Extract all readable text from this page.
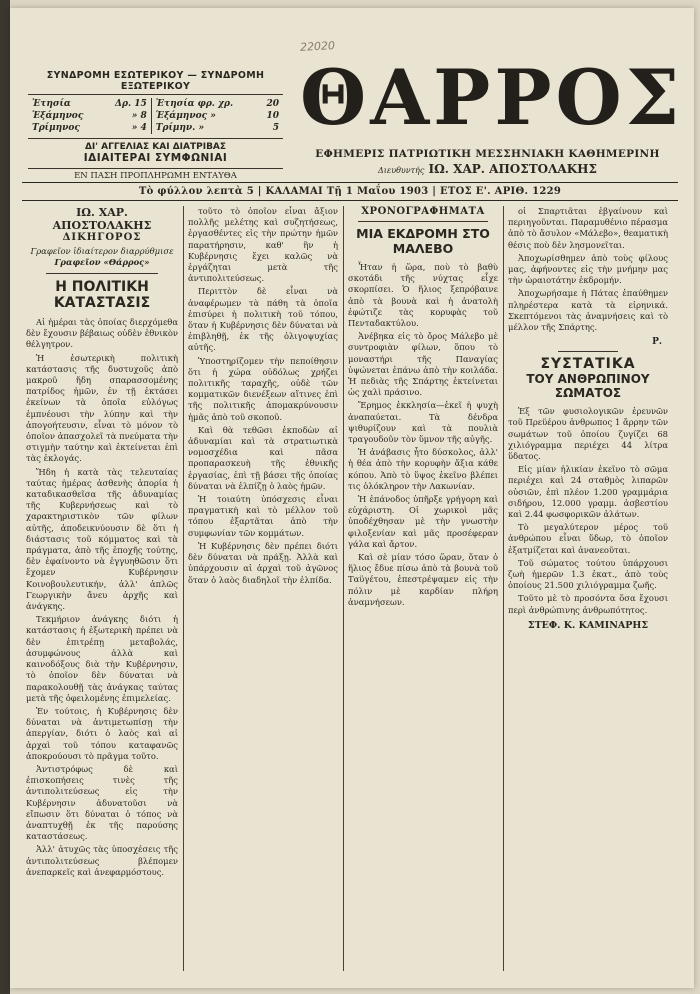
22020
ΣΥΝΔΡΟΜΗ ΕΣΩΤΕΡΙΚΟΥ — ΣΥΝΔΡΟΜΗ ΕΞΩΤΕΡΙΚΟΥ
Ἐτησία	Δρ. 15	Ἐτησία φρ. χρ.	20
Ἑξάμηνος	» 8	Ἑξάμηνος »	10
Τρίμηνος	» 4	Τρίμην. »	5
ΔΙ' ΑΓΓΕΛΙΑΣ ΚΑΙ ΔΙΑΤΡΙΒΑΣ
ΙΔΙΑΙΤΕΡΑΙ ΣΥΜΦΩΝΙΑΙ
ΕΝ ΠΑΣΗ ΠΡΟΠΛΗΡΩΜΗ ΕΝΤΑΥΘΑ
ΘΑΡΡΟΣ
ΕΦΗΜΕΡΙΣ ΠΑΤΡΙΩΤΙΚΗ ΜΕΣΣΗΝΙΑΚΗ ΚΑΘΗΜΕΡΙΝΗ
Διευθυντής ΙΩ. ΧΑΡ. ΑΠΟΣΤΟΛΑΚΗΣ
Τὸ φύλλον λεπτὰ 5 | ΚΑΛΑΜΑΙ Τῇ 1 Μαΐου 1903 | ΕΤΟΣ Ε'. ΑΡΙΘ. 1229
ΙΩ. ΧΑΡ. ΑΠΟΣΤΟΛΑΚΗΣ
ΔΙΚΗΓΟΡΟΣ
Γραφεῖον ἰδιαίτερον διαρρύθμισε
Γραφεῖον «Θάρρος»
Η ΠΟΛΙΤΙΚΗ ΚΑΤΑΣΤΑΣΙΣ

Αἱ ἡμέραι τὰς ὁποίας διερχόμεθα δὲν ἔχουσιν βέβαιως οὐδὲν ἐθνικὸν θέλγητρον.

Ἡ ἐσωτερικὴ πολιτικὴ κατάστασις τῆς δυστυχοῦς ἀπὸ μακροῦ ἤδη σπαρασσομένης πατρίδος ἡμῶν, ἐν τῇ ἐκτάσει ἐκείνων τὰ ὁποῖα εὐλόγως ἐμπνέουσι τὴν λύπην καὶ τὴν ἀπογοήτευσιν, εἶναι τὸ μόνον τὸ ὁποῖον ἀπασχολεῖ τὰ πνεύματα τὴν στιγμὴν ταύτην καὶ ἐκτείνεται ἐπὶ τὰς ἐκλογάς.

Ἤδη ἡ κατὰ τὰς τελευταίας ταύτας ἡμέρας ἀσθενὴς ἀπορία ἡ καταδικασθεῖσα τῆς ἀδυναμίας τῆς Κυβερνήσεως καὶ τὸ χαρακτηριστικὸν τῶν φίλων αὐτῆς, ἀποδεικνύουσιν δὲ ὅτι ἡ διάστασις τοῦ κόμματος καὶ τὰ πράγματα, ἀπὸ τῆς ἐποχῆς τούτης, δὲν ἐφαίνοντο νὰ ἐγγυηθῶσιν ὅτι ἔχομεν Κυβέρνησιν Κοινοβουλευτικήν, ἀλλ' ἁπλῶς Γεωργικὴν ἄνευ ἀρχῆς καὶ ἀνάγκης.

Τεκμήριον ἀνάγκης διότι ἡ κατάστασις ἡ ἐξωτερικὴ πρέπει νὰ δὲν ἐπιτρέπῃ μεταβολάς, ἀσυμφώνους ἀλλὰ καὶ καινοδόξους διὰ τὴν Κυβέρνησιν, τὸ ὁποῖον δὲν δύναται νὰ παρακολουθῇ τὰς ἀνάγκας ταύτας μετὰ τῆς ὁφειλομένης ἐπιμελείας.

Ἐν τούτοις, ἡ Κυβέρνησις δὲν δύναται νὰ ἀντιμετωπίσῃ τὴν ἀπεργίαν, διότι ὁ λαὸς καὶ αἱ ἀρχαὶ τοῦ τόπου καταφανῶς ἀποκρούουσι τὸ πρᾶγμα τοῦτο.

Ἀντιστρόφως δὲ καὶ ἐπισκοπήσεις τινὲς τῆς ἀντιπολιτεύσεως εἰς τὴν Κυβέρνησιν ἀδυνατοῦσι νὰ εἴπωσιν ὅτι δύναται ὁ τόπος νὰ ἀναπτυχθῇ ἐκ τῆς παρούσης καταστάσεως.

Ἀλλ' ἀτυχῶς τὰς ὑποσχέσεις τῆς ἀντιπολιτεύσεως βλέπομεν ἀνεπαρκεῖς καὶ ἀνεφαρμόστους.

τοῦτο τὸ ὁποῖον εἶναι ἄξιον πολλῆς μελέτης καὶ συζητήσεως, ἐργασθέντες εἰς τὴν πρώτην ἡμῶν παρατήρησιν, καθ' ἣν ἡ Κυβέρνησις ἔχει καλῶς νὰ ἐργάζηται μετὰ τῆς ἀντιπολιτεύσεως.

Περιττὸν δὲ εἶναι νὰ ἀναφέρωμεν τὰ πάθη τὰ ὁποῖα ἐπισύρει ἡ πολιτικὴ τοῦ τόπου, ὅταν ἡ Κυβέρνησις δὲν δύναται νὰ ἐπιβληθῇ, ἐκ τῆς ὀλιγοψυχίας αὐτῆς.

Ὑποστηρίζομεν τὴν πεποίθησιν ὅτι ἡ χώρα οὐδόλως χρήζει πολιτικῆς ταραχῆς, οὐδὲ τῶν κομματικῶν διενέξεων αἵτινες ἐπὶ τῆς πολιτικῆς ἀπομακρύνουσιν ἡμᾶς ἀπὸ τοῦ σκοποῦ.

Καὶ θὰ τεθῶσι ἐκποδὼν αἱ ἀδυναμίαι καὶ τὰ στρατιωτικὰ νομοσχέδια καὶ πᾶσα προπαρασκευὴ τῆς ἐθνικῆς ἐργασίας, ἐπὶ τῇ βάσει τῆς ὁποίας δύναται νὰ ἐλπίζῃ ὁ λαὸς ἡμῶν.

Ἡ τοιαύτη ὑπόσχεσις εἶναι πραγματικὴ καὶ τὸ μέλλον τοῦ τόπου ἐξαρτᾶται ἀπὸ τὴν συμφωνίαν τῶν κομμάτων.

Ἡ Κυβέρνησις δὲν πρέπει διότι δὲν δύναται νὰ πράξῃ. Ἀλλὰ καὶ ὑπάρχουσιν αἱ ἀρχαὶ τοῦ ἀγῶνος ὅταν ὁ λαὸς διαδηλοῖ τὴν ἐλπίδα.

ΧΡΟΝΟΓΡΑΦΗΜΑΤΑ
ΜΙΑ ΕΚΔΡΟΜΗ ΣΤΟ ΜΑΛΕΒΟ

Ἦταν ἡ ὥρα, ποὺ τὸ βαθὺ σκοτάδι τῆς νύχτας εἶχε σκορπίσει. Ὁ ἥλιος ξεπρόβαινε ἀπὸ τὰ βουνὰ καὶ ἡ ἀνατολὴ ἐφώτιζε τὰς κορυφὰς τοῦ Πενταδακτύλου.

Ἀνέβηκα εἰς τὸ ὄρος Μάλεβο μὲ συντροφιὰν φίλων, ὅπου τὸ μοναστήρι τῆς Παναγίας ὑψώνεται ἐπάνω ἀπὸ τὴν κοιλάδα. Ἡ πεδιὰς τῆς Σπάρτης ἐκτείνεται ὡς χαλὶ πράσινο.

Ἔρημος ἐκκλησία—ἐκεῖ ἡ ψυχὴ ἀναπαύεται. Τὰ δένδρα ψιθυρίζουν καὶ τὰ πουλιὰ τραγουδοῦν τὸν ὕμνον τῆς αὐγῆς.

Ἡ ἀνάβασις ἦτο δύσκολος, ἀλλ' ἡ θέα ἀπὸ τὴν κορυφὴν ἄξια κάθε κόπου. Ἀπὸ τὸ ὕψος ἐκεῖνο βλέπει τις ὁλόκληρον τὴν Λακωνίαν.

Ἡ ἐπάνοδος ὑπῆρξε γρήγορη καὶ εὐχάριστη. Οἱ χωρικοὶ μᾶς ὑποδέχθησαν μὲ τὴν γνωστὴν φιλοξενίαν καὶ μᾶς προσέφεραν γάλα καὶ ἄρτον.

Καὶ σὲ μίαν τόσο ὥραν, ὅταν ὁ ἥλιος ἔδυε πίσω ἀπὸ τὰ βουνὰ τοῦ Ταϋγέτου, ἐπεστρέψαμεν εἰς τὴν πόλιν μὲ καρδίαν πλήρη ἀναμνήσεων.

οἱ Σπαρτιᾶται ἐβγαίνουν καὶ περιηγοῦνται. Παραμυθένιο πέρασμα ἀπὸ τὸ ἄσυλον «Μάλεβο», θεαματικὴ θέσις ποὺ δὲν λησμονεῖται.

Ἀποχωρίσθημεν ἀπὸ τοὺς φίλους μας, ἀφήνοντες εἰς τὴν μνήμην μας τὴν ὡραιοτάτην ἐκδρομήν.

Ἀποχωρήσαμε ἡ Πάτας ἐπαύθημεν πληρέστερα κατὰ τὰ εἰρηνικά. Σκεπτόμενοι τὰς ἀναμνήσεις καὶ τὸ μέλλον τῆς Σπάρτης.

Ρ.
ΣΥΣΤΑΤΙΚΑ
ΤΟΥ ΑΝΘΡΩΠΙΝΟΥ ΣΩΜΑΤΟΣ

Ἐξ τῶν φυσιολογικῶν ἐρευνῶν τοῦ Πρεϋέρου ἀνθρωπος 1 ἄρρην τῶν σωμάτων τοῦ ὁποίου ζυγίζει 68 χιλιόγραμμα περιέχει 44 λίτρα ὕδατος.

Εἰς μίαν ἡλικίαν ἐκεῖνο τὸ σῶμα περιέχει καὶ 24 σταθμὸς λιπαρῶν οὐσιῶν, ἐπὶ πλέον 1.200 γραμμάρια σιδήρου, 12.000 γραμμ. ἀσβεστίου καὶ 2.44 φωσφορικῶν ἀλάτων.

Τὸ μεγαλύτερον μέρος τοῦ ἀνθρώπου εἶναι ὕδωρ, τὸ ὁποῖον ἐξατμίζεται καὶ ἀνανεοῦται.

Τοῦ σώματος τούτου ὑπάρχουσι ζωὴ ἡμερῶν 1.3 ἐκατ., ἀπὸ τοὺς ὁποίους 21.500 χιλιόγραμμα ζωῆς.

Τοῦτο μὲ τὸ προσόντα ὅσα ἔχουσι περὶ ἀνθρώπινης ἀνθρωπότητος.

ΣΤΕΦ. Κ. ΚΑΜΙΝΑΡΗΣ
